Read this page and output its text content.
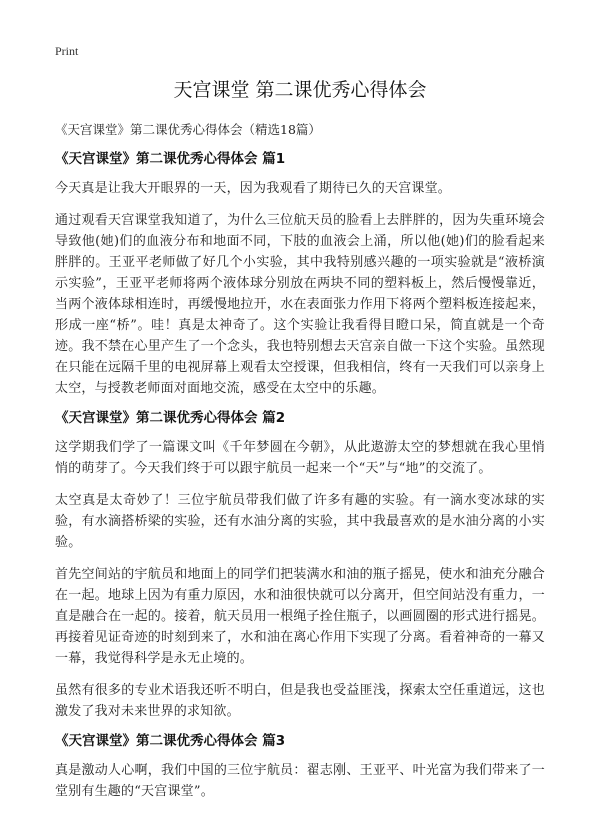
Print

天宫课堂 第二课优秀心得体会

《天宫课堂》第二课优秀心得体会（精选18篇）

《天宫课堂》第二课优秀心得体会 篇1

今天真是让我大开眼界的一天，因为我观看了期待已久的天宫课堂。

通过观看天宫课堂我知道了，为什么三位航天员的脸看上去胖胖的，因为失重环境会导致他(她)们的血液分布和地面不同，下肢的血液会上涌，所以他(她)们的脸看起来胖胖的。王亚平老师做了好几个小实验，其中我特别感兴趣的一项实验就是“液桥演示实验”，王亚平老师将两个液体球分别放在两块不同的塑料板上，然后慢慢靠近，当两个液体球相连时，再缓慢地拉开，水在表面张力作用下将两个塑料板连接起来，形成一座“桥”。哇！真是太神奇了。这个实验让我看得目瞪口呆，简直就是一个奇迹。我不禁在心里产生了一个念头，我也特别想去天宫亲自做一下这个实验。虽然现在只能在远隔千里的电视屏幕上观看太空授课，但我相信，终有一天我们可以亲身上太空，与授教老师面对面地交流，感受在太空中的乐趣。

《天宫课堂》第二课优秀心得体会 篇2

这学期我们学了一篇课文叫《千年梦圆在今朝》，从此遨游太空的梦想就在我心里悄悄的萌芽了。今天我们终于可以跟宇航员一起来一个“天”与“地”的交流了。

太空真是太奇妙了！三位宇航员带我们做了许多有趣的实验。有一滴水变冰球的实验，有水滴搭桥梁的实验，还有水油分离的实验，其中我最喜欢的是水油分离的小实验。

首先空间站的宇航员和地面上的同学们把装满水和油的瓶子摇晃，使水和油充分融合在一起。地球上因为有重力原因，水和油很快就可以分离开，但空间站没有重力，一直是融合在一起的。接着，航天员用一根绳子拴住瓶子，以画圆圈的形式进行摇晃。再接着见证奇迹的时刻到来了，水和油在离心作用下实现了分离。看着神奇的一幕又一幕，我觉得科学是永无止境的。

虽然有很多的专业术语我还听不明白，但是我也受益匪浅，探索太空任重道远，这也激发了我对未来世界的求知欲。

《天宫课堂》第二课优秀心得体会 篇3

真是激动人心啊，我们中国的三位宇航员：翟志刚、王亚平、叶光富为我们带来了一堂别有生趣的“天宫课堂”。
